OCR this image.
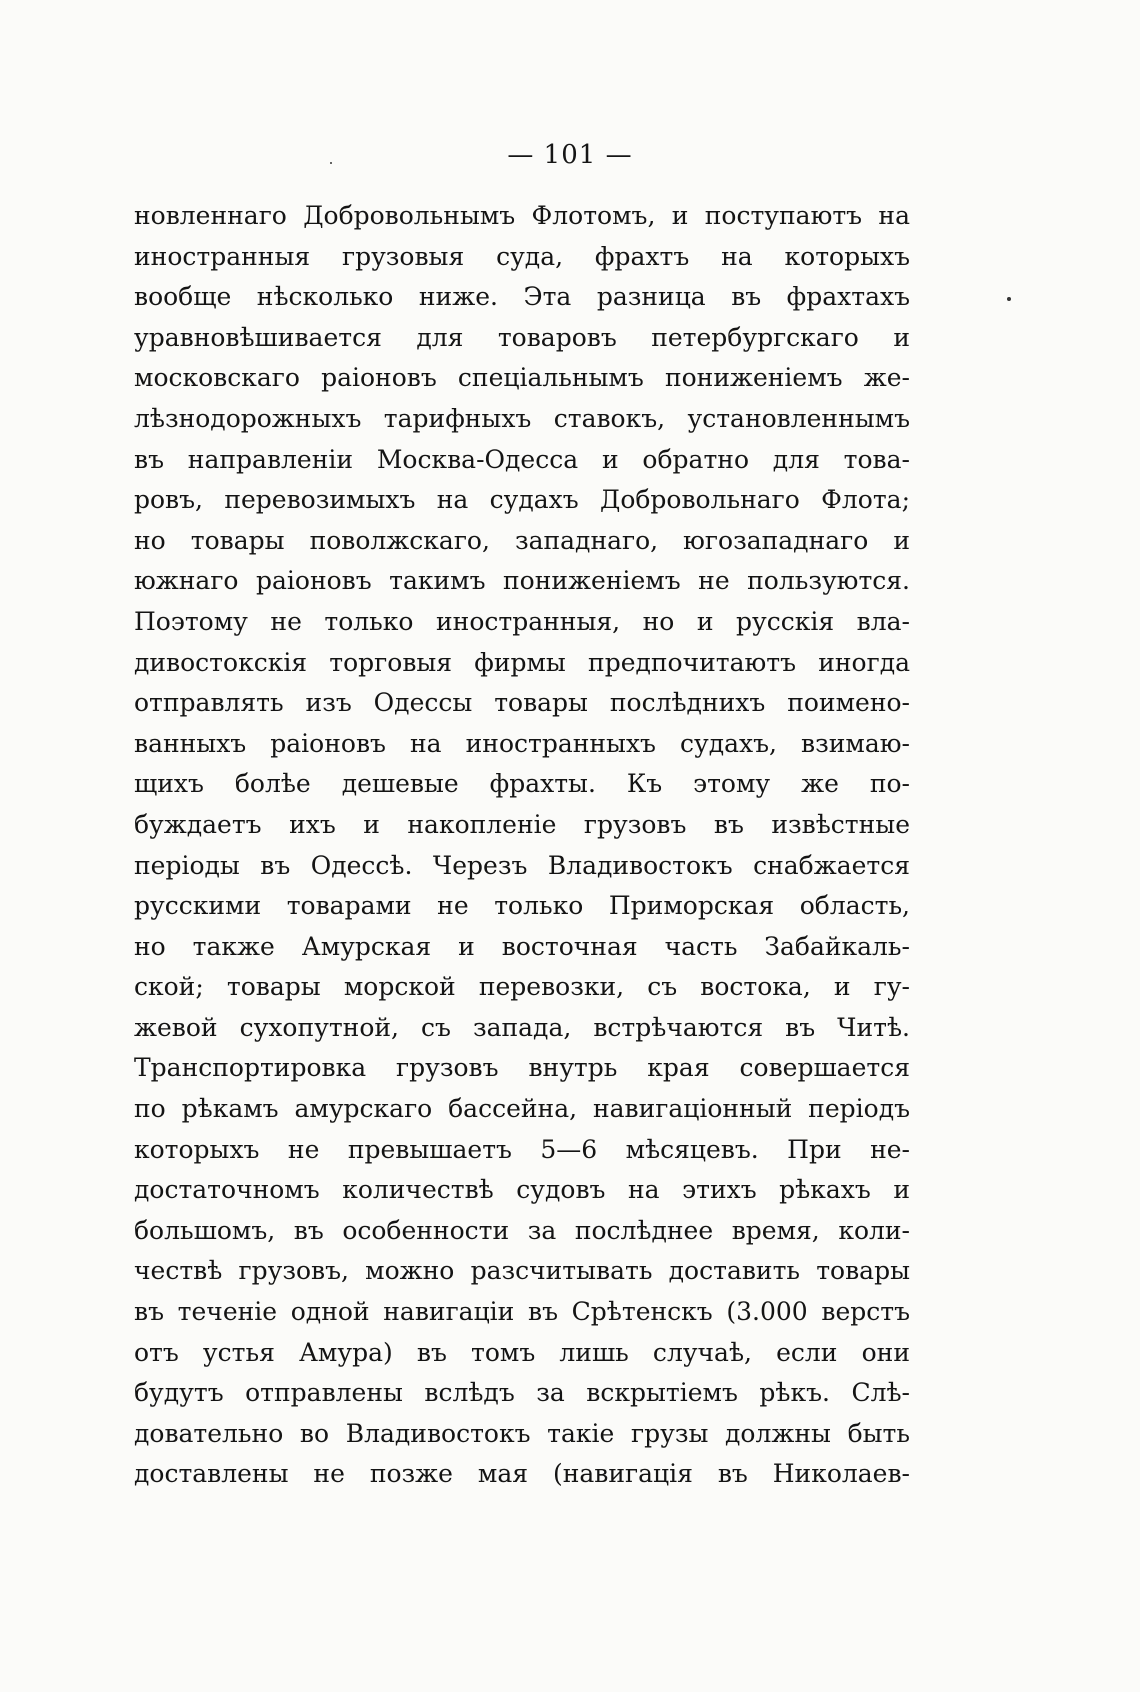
— 101 —
новленнаго Добровольнымъ Флотомъ, и поступаютъ на
иностранныя грузовыя суда, фрахтъ на которыхъ
вообще нѣсколько ниже. Эта разница въ фрахтахъ
уравновѣшивается для товаровъ петербургскаго и
московскаго раіоновъ спеціальнымъ пониженіемъ же-
лѣзнодорожныхъ тарифныхъ ставокъ, установленнымъ
въ направленіи Москва-Одесса и обратно для това-
ровъ, перевозимыхъ на судахъ Добровольнаго Флота;
но товары поволжскаго, западнаго, югозападнаго и
южнаго раіоновъ такимъ пониженіемъ не пользуются.
Поэтому не только иностранныя, но и русскія вла-
дивостокскія торговыя фирмы предпочитаютъ иногда
отправлять изъ Одессы товары послѣднихъ поимено-
ванныхъ раіоновъ на иностранныхъ судахъ, взимаю-
щихъ болѣе дешевые фрахты. Къ этому же по-
буждаетъ ихъ и накопленіе грузовъ въ извѣстные
періоды въ Одессѣ. Черезъ Владивостокъ снабжается
русскими товарами не только Приморская область,
но также Амурская и восточная часть Забайкаль-
ской; товары морской перевозки, съ востока, и гу-
жевой сухопутной, съ запада, встрѣчаются въ Читѣ.
Транспортировка грузовъ внутрь края совершается
по рѣкамъ амурскаго бассейна, навигаціонный періодъ
которыхъ не превышаетъ 5—6 мѣсяцевъ. При не-
достаточномъ количествѣ судовъ на этихъ рѣкахъ и
большомъ, въ особенности за послѣднее время, коли-
чествѣ грузовъ, можно разсчитывать доставить товары
въ теченіе одной навигаціи въ Срѣтенскъ (3.000 верстъ
отъ устья Амура) въ томъ лишь случаѣ, если они
будутъ отправлены вслѣдъ за вскрытіемъ рѣкъ. Слѣ-
довательно во Владивостокъ такіе грузы должны быть
доставлены не позже мая (навигація въ Николаев-
